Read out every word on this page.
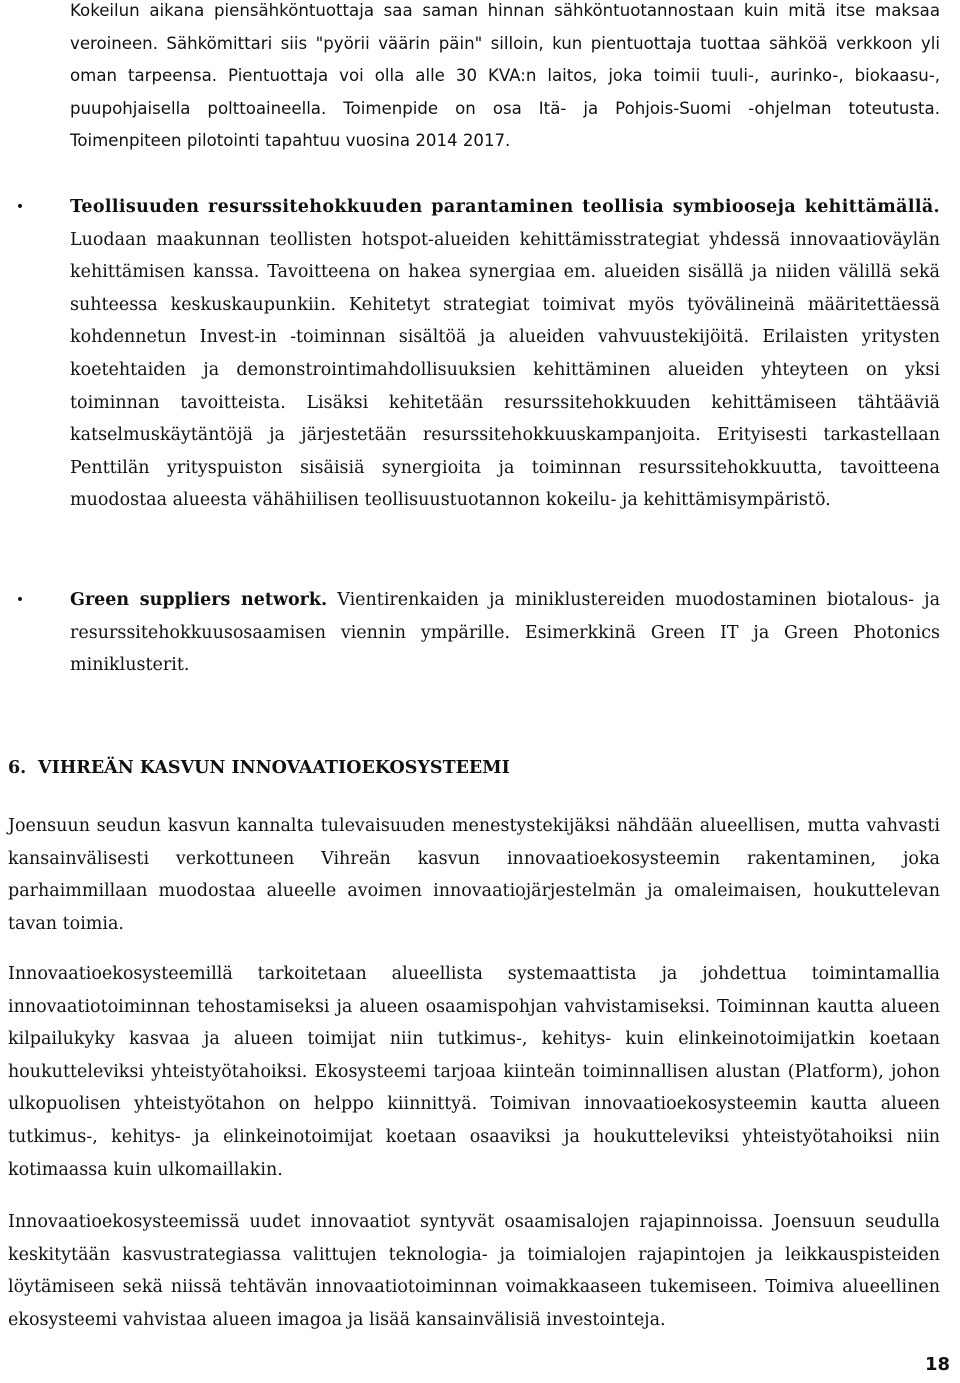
Kokeilun aikana piensähköntuottaja saa saman hinnan sähköntuotannostaan kuin mitä itse maksaa veroineen. Sähkömittari siis "pyörii väärin päin" silloin, kun pientuottaja tuottaa sähköä verkkoon yli oman tarpeensa. Pientuottaja voi olla alle 30 KVA:n laitos, joka toimii tuuli-, aurinko-, biokaasu-, puupohjaisella polttoaineella. Toimenpide on osa Itä- ja Pohjois-Suomi -ohjelman toteutusta. Toimenpiteen pilotointi tapahtuu vuosina 2014 2017.

•	Teollisuuden resurssitehokkuuden parantaminen teollisia symbiooseja kehittämällä. Luodaan maakunnan teollisten hotspot-alueiden kehittämisstrategiat yhdessä innovaatioväylän kehittämisen kanssa. Tavoitteena on hakea synergiaa em. alueiden sisällä ja niiden välillä sekä suhteessa keskuskaupunkiin. Kehitetyt strategiat toimivat myös työvälineinä määritettäessä kohdennetun Invest-in -toiminnan sisältöä ja alueiden vahvuustekijöitä. Erilaisten yritysten koetehtaiden ja demonstrointimahdollisuuksien kehittäminen alueiden yhteyteen on yksi toiminnan tavoitteista. Lisäksi kehitetään resurssitehokkuuden kehittämiseen tähtääviä katselmuskäytäntöjä ja järjestetään resurssitehokkuuskampanjoita. Erityisesti tarkastellaan Penttilän yrityspuiston sisäisiä synergioita ja toiminnan resurssitehokkuutta, tavoitteena muodostaa alueesta vähähiilisen teollisuustuotannon kokeilu- ja kehittämisympäristö.

•	Green suppliers network. Vientirenkaiden ja miniklustereiden muodostaminen biotalous- ja resurssitehokkuusosaamisen viennin ympärille. Esimerkkinä Green IT ja Green Photonics miniklusterit.

6. VIHREÄN KASVUN INNOVAATIOEKOSYSTEEMI

Joensuun seudun kasvun kannalta tulevaisuuden menestystekijäksi nähdään alueellisen, mutta vahvasti kansainvälisesti verkottuneen Vihreän kasvun innovaatioekosysteemin rakentaminen, joka parhaimmillaan muodostaa alueelle avoimen innovaatiojärjestelmän ja omaleimaisen, houkuttelevan tavan toimia.

Innovaatioekosysteemillä tarkoitetaan alueellista systemaattista ja johdettua toimintamallia innovaatiotoiminnan tehostamiseksi ja alueen osaamispohjan vahvistamiseksi. Toiminnan kautta alueen kilpailukyky kasvaa ja alueen toimijat niin tutkimus-, kehitys- kuin elinkeinotoimijatkin koetaan houkutteleviksi yhteistyötahoiksi. Ekosysteemi tarjoaa kiinteän toiminnallisen alustan (Platform), johon ulkopuolisen yhteistyötahon on helppo kiinnittyä. Toimivan innovaatioekosysteemin kautta alueen tutkimus-, kehitys- ja elinkeinotoimijat koetaan osaaviksi ja houkutteleviksi yhteistyötahoiksi niin kotimaassa kuin ulkomaillakin.

Innovaatioekosysteemissä uudet innovaatiot syntyvät osaamisalojen rajapinnoissa. Joensuun seudulla keskitytään kasvustrategiassa valittujen teknologia- ja toimialojen rajapintojen ja leikkauspisteiden löytämiseen sekä niissä tehtävän innovaatiotoiminnan voimakkaaseen tukemiseen. Toimiva alueellinen ekosysteemi vahvistaa alueen imagoa ja lisää kansainvälisiä investointeja.

18
